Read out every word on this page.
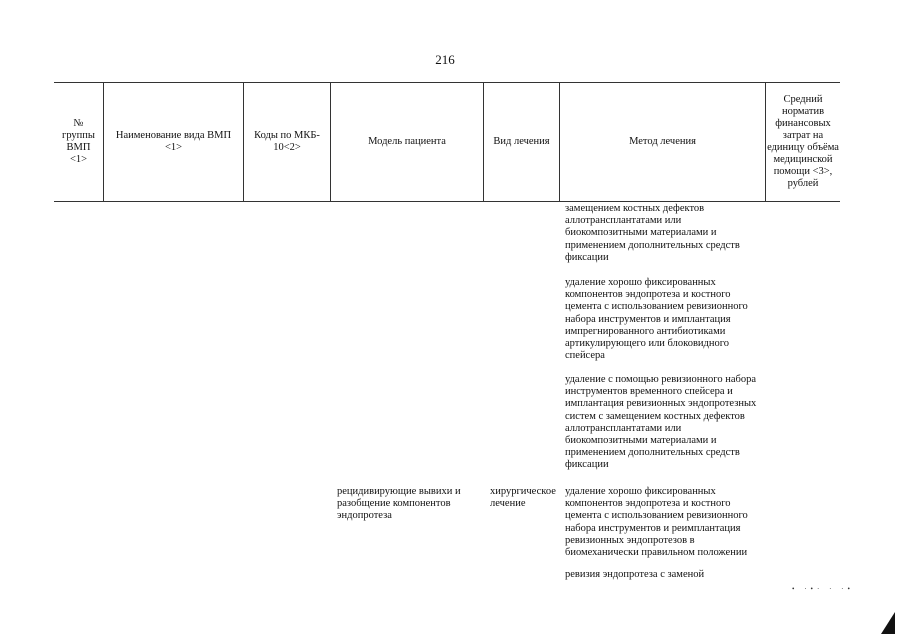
216
№
группы
ВМП
<1>
Наименование вида ВМП
<1>
Коды по МКБ-
10<2>
Модель пациента	Вид лечения	Метод лечения
Средний
норматив
финансовых
затрат на
единицу объёма
медицинской
помощи <3>,
рублей
замещением костных дефектов
аллотрансплантатами или
биокомпозитными материалами и
применением дополнительных средств
фиксации
удаление хорошо фиксированных
компонентов эндопротеза и костного
цемента с использованием ревизионного
набора инструментов и имплантация
импрегнированного антибиотиками
артикулирующего или блоковидного
спейсера
удаление с помощью ревизионного набора
инструментов временного спейсера и
имплантация ревизионных эндопротезных
систем с замещением костных дефектов
аллотрансплантатами или
биокомпозитными материалами и
применением дополнительных средств
фиксации
рецидивирующие вывихи и
разобщение компонентов
эндопротеза
хирургическое
лечение
удаление хорошо фиксированных
компонентов эндопротеза и костного
цемента с использованием ревизионного
набора инструментов и реимплантация
ревизионных эндопротезов в
биомеханически правильном положении
ревизия эндопротеза с заменой
• ·•· · ·•
